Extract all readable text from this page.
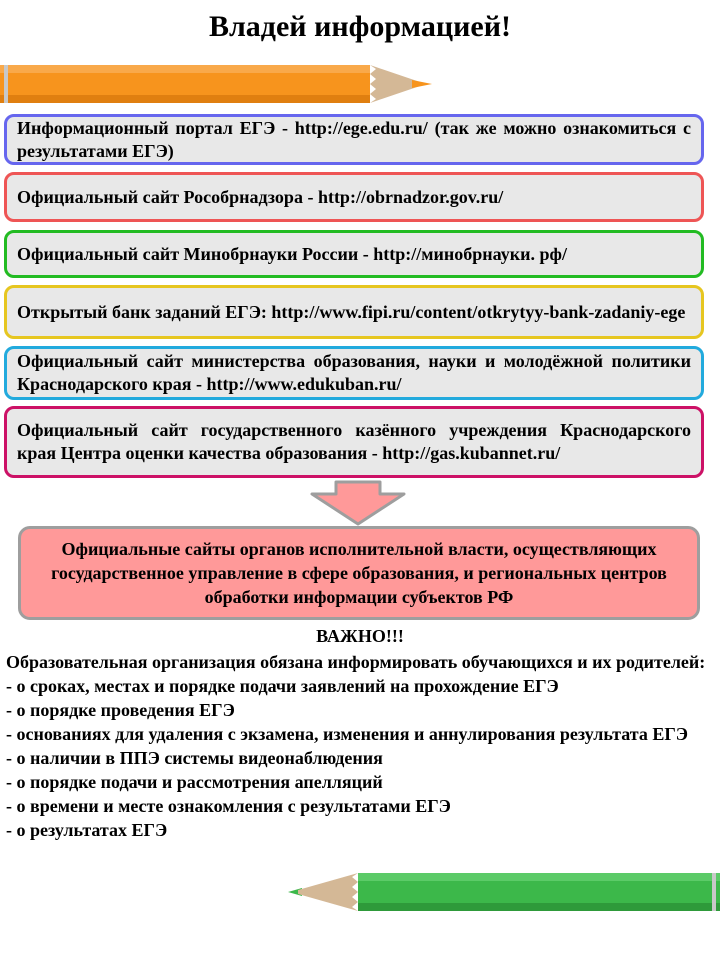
Владей информацией!
Информационный портал ЕГЭ - http://ege.edu.ru/ (так же можно ознакомиться с результатами ЕГЭ)
Официальный сайт Рособрнадзора - http://obrnadzor.gov.ru/
Официальный сайт Минобрнауки России - http://минобрнауки. рф/
Открытый банк заданий ЕГЭ: http://www.fipi.ru/content/otkrytyy-bank-zadaniy-ege
Официальный сайт министерства образования, науки и молодёжной политики Краснодарского края - http://www.edukuban.ru/
Официальный сайт государственного казённого учреждения Краснодарского края Центра оценки качества образования - http://gas.kubannet.ru/
Официальные сайты органов исполнительной власти, осуществляющих государственное управление в сфере образования, и региональных центров обработки информации субъектов РФ
ВАЖНО!!!
Образовательная организация обязана информировать обучающихся и их родителей:
- о сроках, местах и порядке подачи заявлений на прохождение ЕГЭ
- о порядке проведения ЕГЭ
- основаниях для удаления с экзамена, изменения и аннулирования результата ЕГЭ
- о наличии в ППЭ системы видеонаблюдения
- о порядке подачи и рассмотрения апелляций
- о времени и месте ознакомления с результатами ЕГЭ
- о результатах ЕГЭ
